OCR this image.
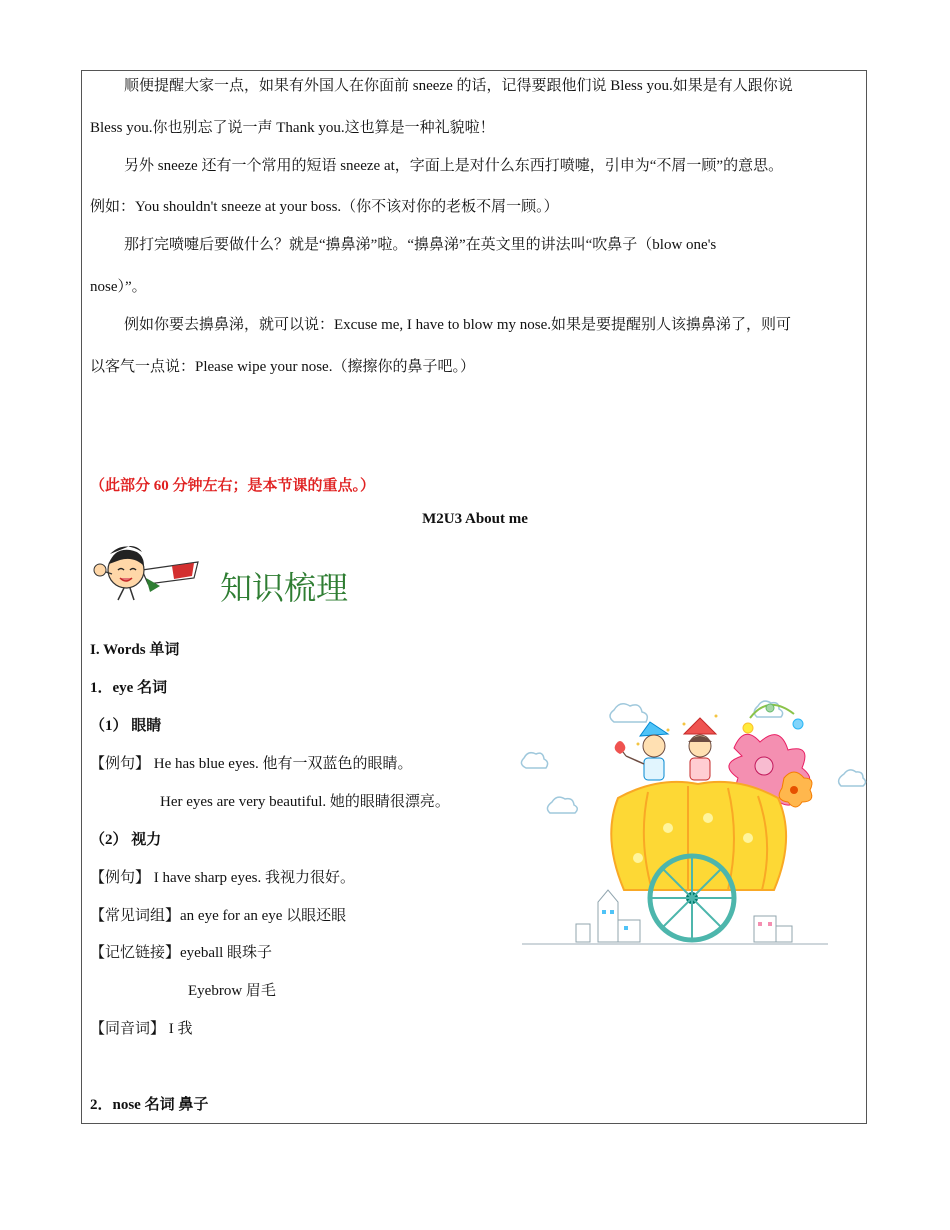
顺便提醒大家一点，如果有外国人在你面前 sneeze 的话，记得要跟他们说 Bless you.如果是有人跟你说
Bless you.你也别忘了说一声 Thank you.这也算是一种礼貌啦！
另外 sneeze 还有一个常用的短语 sneeze at，字面上是对什么东西打喷嚏，引申为“不屑一顾”的意思。
例如：You shouldn't sneeze at your boss.（你不该对你的老板不屑一顾。）
那打完喷嚏后要做什么？就是“擤鼻涕”啦。“擤鼻涕”在英文里的讲法叫“吹鼻子（blow one's
nose）”。
例如你要去擤鼻涕，就可以说：Excuse me, I have to blow my nose.如果是要提醒别人该擤鼻涕了，则可
以客气一点说：Please wipe your nose.（擦擦你的鼻子吧。）
（此部分 60 分钟左右；是本节课的重点。）
M2U3 About me
知识梳理
I. Words 单词
1．eye 名词
（1） 眼睛
【例句】 He has blue eyes. 他有一双蓝色的眼睛。
Her eyes are very beautiful. 她的眼睛很漂亮。
（2） 视力
【例句】 I have sharp eyes. 我视力很好。
【常见词组】an eye for an eye 以眼还眼
【记忆链接】eyeball 眼珠子
Eyebrow 眉毛
【同音词】 I 我
2．nose 名词 鼻子
